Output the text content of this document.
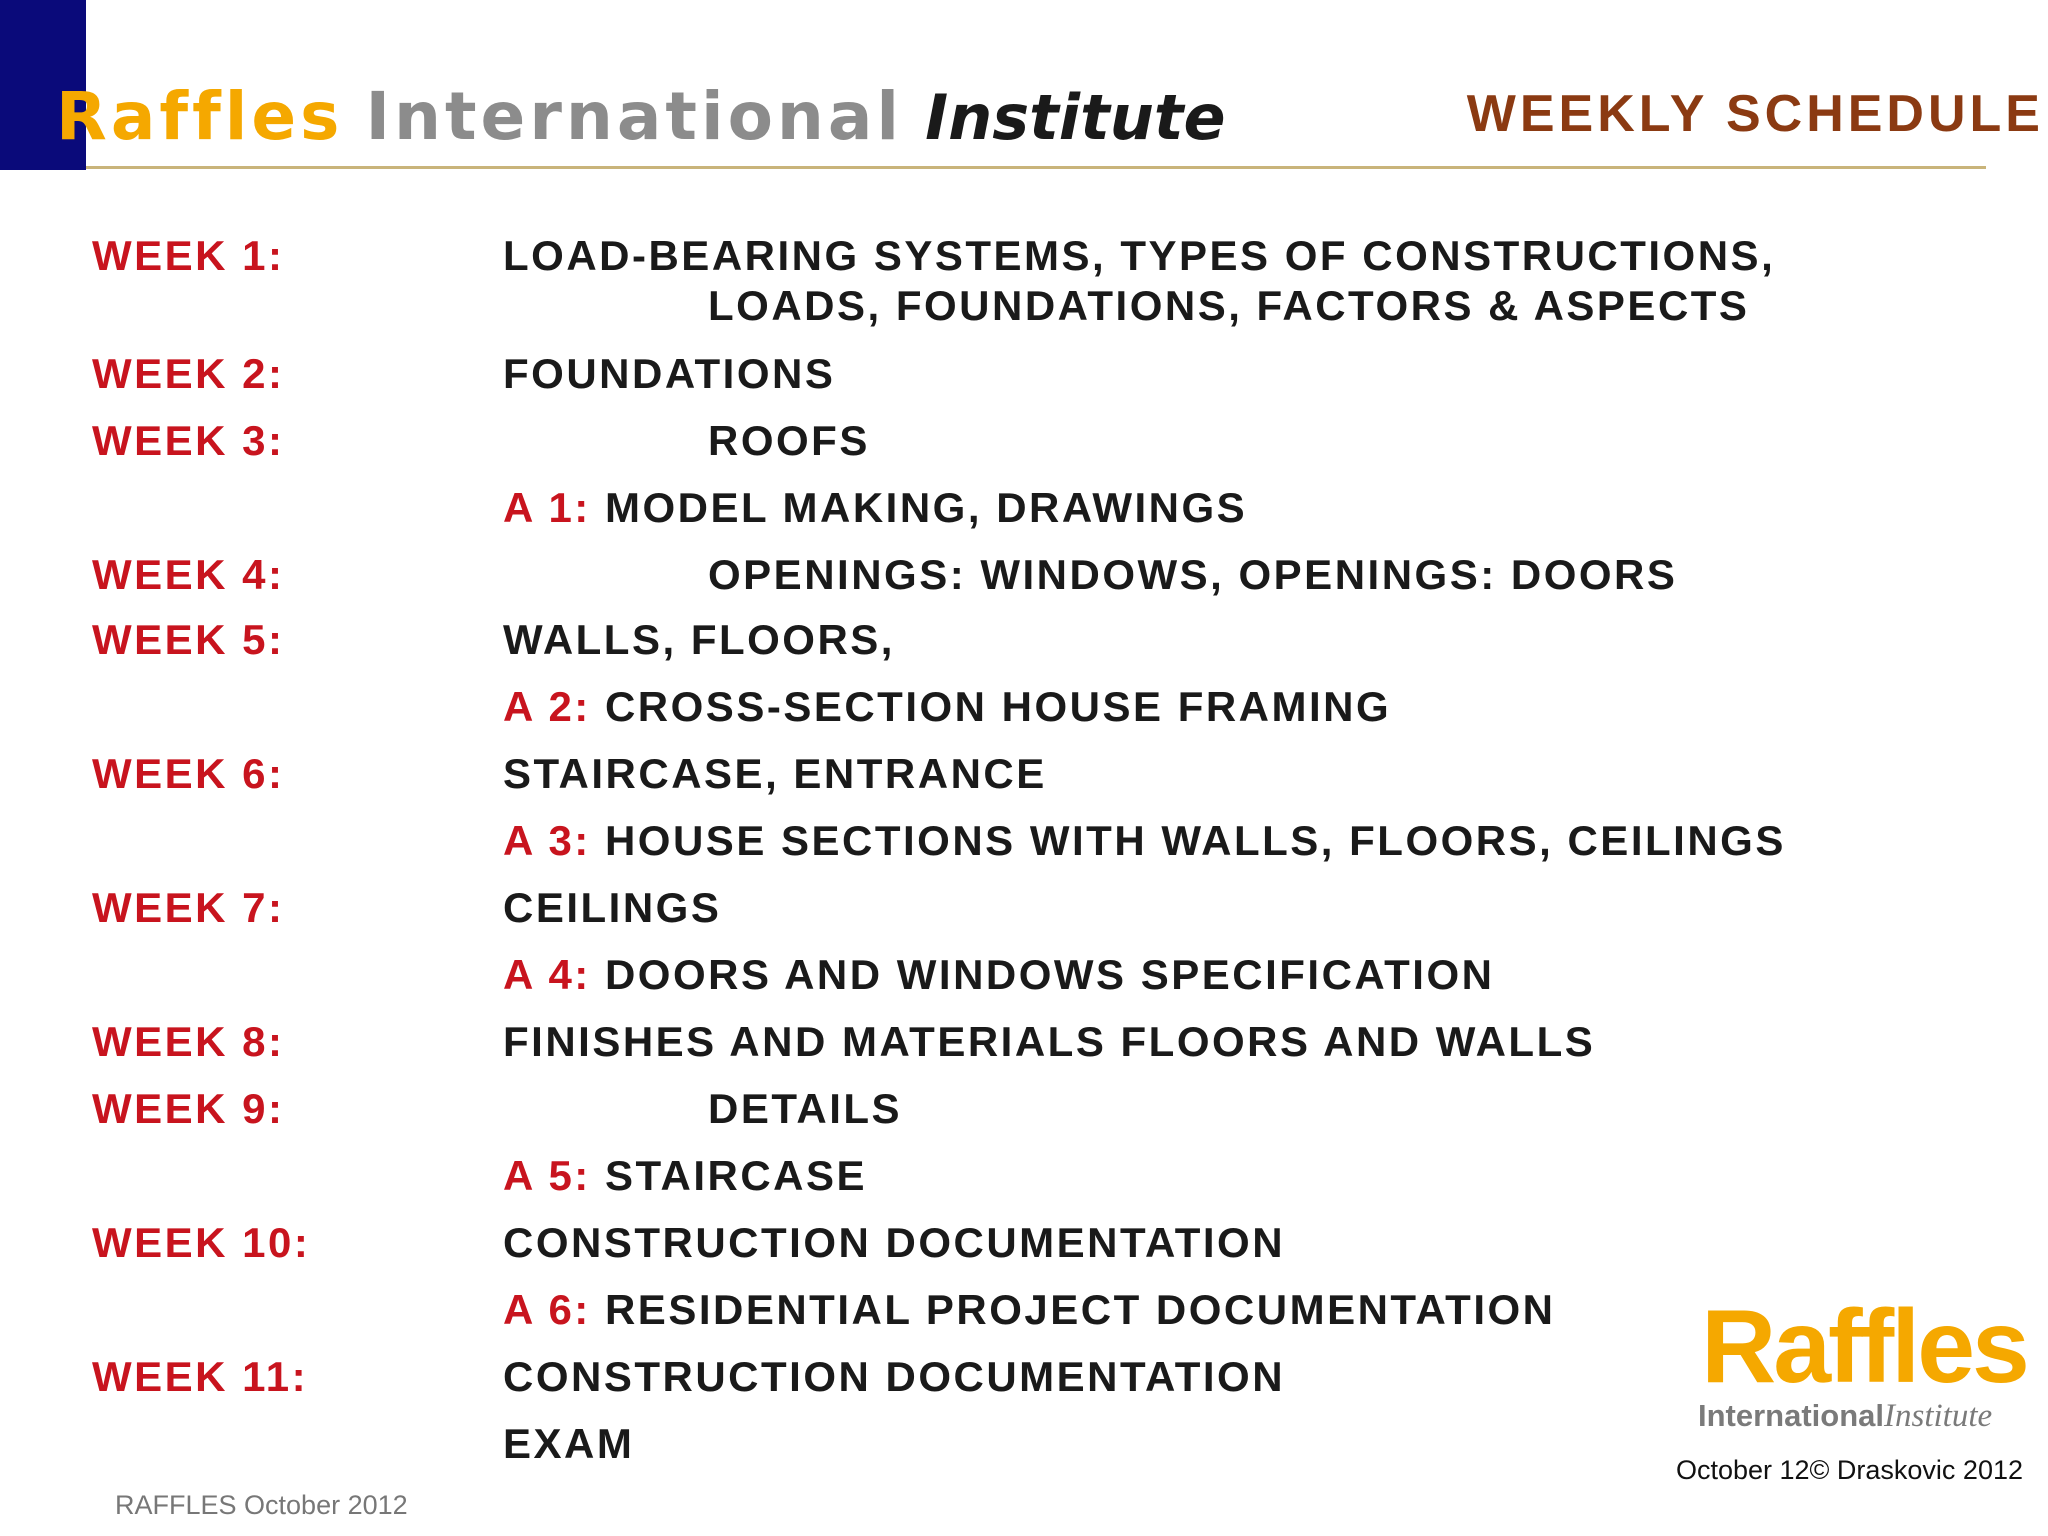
Raffles International Institute	WEEKLY SCHEDULE
WEEK 1:	LOAD-BEARING SYSTEMS, TYPES OF CONSTRUCTIONS,
LOADS, FOUNDATIONS, FACTORS & ASPECTS
WEEK 2:	FOUNDATIONS
WEEK 3:	ROOFS
A 1: MODEL MAKING, DRAWINGS
WEEK 4:	OPENINGS: WINDOWS, OPENINGS: DOORS
WEEK 5:	WALLS, FLOORS,
A 2: CROSS-SECTION HOUSE FRAMING
WEEK 6:	STAIRCASE, ENTRANCE
A 3: HOUSE SECTIONS WITH WALLS, FLOORS, CEILINGS
WEEK 7:	CEILINGS
A 4: DOORS AND WINDOWS SPECIFICATION
WEEK 8:	FINISHES AND MATERIALS FLOORS AND WALLS
WEEK 9:	DETAILS
A 5: STAIRCASE
WEEK 10:	CONSTRUCTION DOCUMENTATION
A 6: RESIDENTIAL PROJECT DOCUMENTATION
WEEK 11:	CONSTRUCTION DOCUMENTATION
EXAM
Raffles
InternationalInstitute
RAFFLES October 2012
October 12© Draskovic 2012
